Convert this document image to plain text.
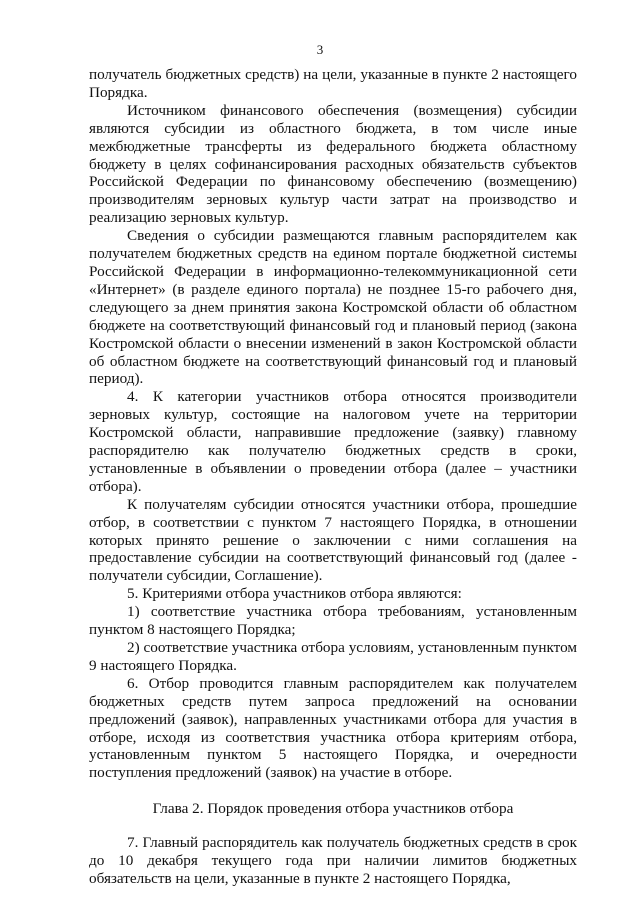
3

получатель бюджетных средств) на цели, указанные в пункте 2 настоящего Порядка.

Источником финансового обеспечения (возмещения) субсидии являются субсидии из областного бюджета, в том числе иные межбюджетные трансферты из федерального бюджета областному бюджету в целях софинансирования расходных обязательств субъектов Российской Федерации по финансовому обеспечению (возмещению) производителям зерновых культур части затрат на производство и реализацию зерновых культур.

Сведения о субсидии размещаются главным распорядителем как получателем бюджетных средств на едином портале бюджетной системы Российской Федерации в информационно-телекоммуникационной сети «Интернет» (в разделе единого портала) не позднее 15-го рабочего дня, следующего за днем принятия закона Костромской области об областном бюджете на соответствующий финансовый год и плановый период (закона Костромской области о внесении изменений в закон Костромской области об областном бюджете на соответствующий финансовый год и плановый период).

4. К категории участников отбора относятся производители зерновых культур, состоящие на налоговом учете на территории Костромской области, направившие предложение (заявку) главному распорядителю как получателю бюджетных средств в сроки, установленные в объявлении о проведении отбора (далее – участники отбора).

К получателям субсидии относятся участники отбора, прошедшие отбор, в соответствии с пунктом 7 настоящего Порядка, в отношении которых принято решение о заключении с ними соглашения на предоставление субсидии на соответствующий финансовый год (далее - получатели субсидии, Соглашение).

5. Критериями отбора участников отбора являются:

1) соответствие участника отбора требованиям, установленным пунктом 8 настоящего Порядка;

2) соответствие участника отбора условиям, установленным пунктом 9 настоящего Порядка.

6. Отбор проводится главным распорядителем как получателем бюджетных средств путем запроса предложений на основании предложений (заявок), направленных участниками отбора для участия в отборе, исходя из соответствия участника отбора критериям отбора, установленным пунктом 5 настоящего Порядка, и очередности поступления предложений (заявок) на участие в отборе.

Глава 2. Порядок проведения отбора участников отбора

7. Главный распорядитель как получатель бюджетных средств в срок до 10 декабря текущего года при наличии лимитов бюджетных обязательств на цели, указанные в пункте 2 настоящего Порядка,
